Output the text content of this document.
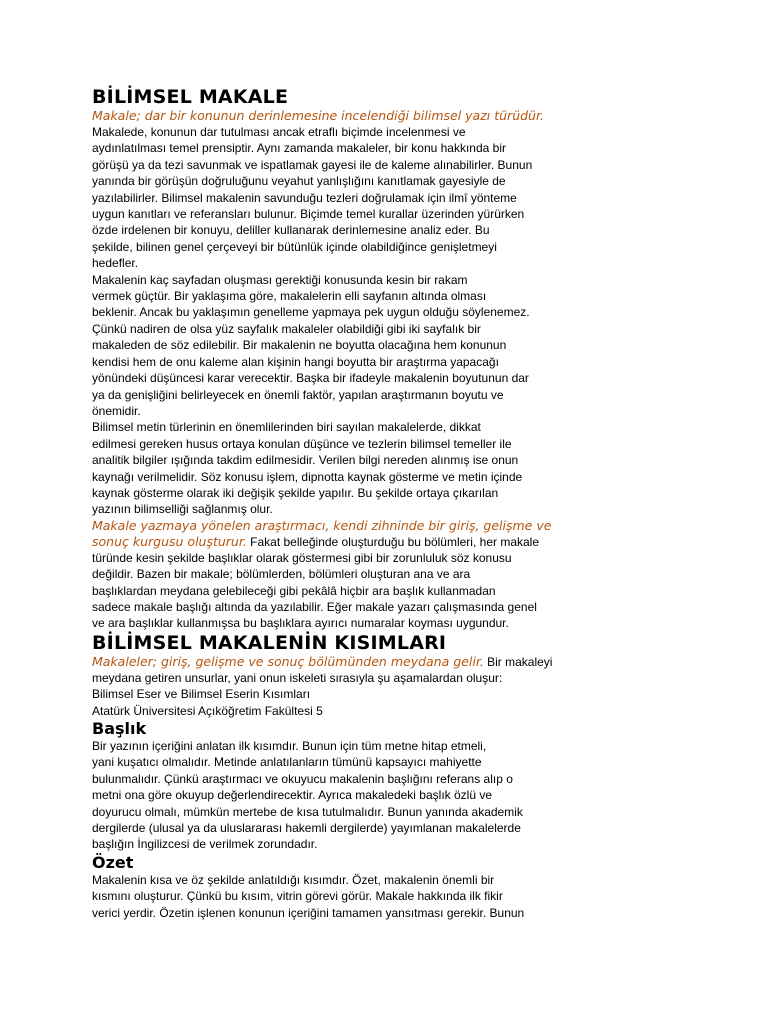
BİLİMSEL MAKALE

Makale; dar bir konunun derinlemesine incelendiği bilimsel yazı türüdür.

Makalede, konunun dar tutulması ancak etraflı biçimde incelenmesi ve

aydınlatılması temel prensiptir. Aynı zamanda makaleler, bir konu hakkında bir

görüşü ya da tezi savunmak ve ispatlamak gayesi ile de kaleme alınabilirler. Bunun

yanında bir görüşün doğruluğunu veyahut yanlışlığını kanıtlamak gayesiyle de

yazılabilirler. Bilimsel makalenin savunduğu tezleri doğrulamak için ilmî yönteme

uygun kanıtları ve referansları bulunur. Biçimde temel kurallar üzerinden yürürken

özde irdelenen bir konuyu, deliller kullanarak derinlemesine analiz eder. Bu

şekilde, bilinen genel çerçeveyi bir bütünlük içinde olabildiğince genişletmeyi

hedefler.

Makalenin kaç sayfadan oluşması gerektiği konusunda kesin bir rakam

vermek güçtür. Bir yaklaşıma göre, makalelerin elli sayfanın altında olması

beklenir. Ancak bu yaklaşımın genelleme yapmaya pek uygun olduğu söylenemez.

Çünkü nadiren de olsa yüz sayfalık makaleler olabildiği gibi iki sayfalık bir

makaleden de söz edilebilir. Bir makalenin ne boyutta olacağına hem konunun

kendisi hem de onu kaleme alan kişinin hangi boyutta bir araştırma yapacağı

yönündeki düşüncesi karar verecektir. Başka bir ifadeyle makalenin boyutunun dar

ya da genişliğini belirleyecek en önemli faktör, yapılan araştırmanın boyutu ve

önemidir.

Bilimsel metin türlerinin en önemlilerinden biri sayılan makalelerde, dikkat

edilmesi gereken husus ortaya konulan düşünce ve tezlerin bilimsel temeller ile

analitik bilgiler ışığında takdim edilmesidir. Verilen bilgi nereden alınmış ise onun

kaynağı verilmelidir. Söz konusu işlem, dipnotta kaynak gösterme ve metin içinde

kaynak gösterme olarak iki değişik şekilde yapılır. Bu şekilde ortaya çıkarılan

yazının bilimselliği sağlanmış olur.

Makale yazmaya yönelen araştırmacı, kendi zihninde bir giriş, gelişme ve

sonuç kurgusu oluşturur. Fakat belleğinde oluşturduğu bu bölümleri, her makale

türünde kesin şekilde başlıklar olarak göstermesi gibi bir zorunluluk söz konusu

değildir. Bazen bir makale; bölümlerden, bölümleri oluşturan ana ve ara

başlıklardan meydana gelebileceği gibi pekâlâ hiçbir ara başlık kullanmadan

sadece makale başlığı altında da yazılabilir. Eğer makale yazarı çalışmasında genel

ve ara başlıklar kullanmışsa bu başlıklara ayırıcı numaralar koyması uygundur.

BİLİMSEL MAKALENİN KISIMLARI

Makaleler; giriş, gelişme ve sonuç bölümünden meydana gelir. Bir makaleyi

meydana getiren unsurlar, yani onun iskeleti sırasıyla şu aşamalardan oluşur:

Bilimsel Eser ve Bilimsel Eserin Kısımları

Atatürk Üniversitesi Açıköğretim Fakültesi 5

Başlık

Bir yazının içeriğini anlatan ilk kısımdır. Bunun için tüm metne hitap etmeli,

yani kuşatıcı olmalıdır. Metinde anlatılanların tümünü kapsayıcı mahiyette

bulunmalıdır. Çünkü araştırmacı ve okuyucu makalenin başlığını referans alıp o

metni ona göre okuyup değerlendirecektir. Ayrıca makaledeki başlık özlü ve

doyurucu olmalı, mümkün mertebe de kısa tutulmalıdır. Bunun yanında akademik

dergilerde (ulusal ya da uluslararası hakemli dergilerde) yayımlanan makalelerde

başlığın İngilizcesi de verilmek zorundadır.

Özet

Makalenin kısa ve öz şekilde anlatıldığı kısımdır. Özet, makalenin önemli bir

kısmını oluşturur. Çünkü bu kısım, vitrin görevi görür. Makale hakkında ilk fikir

verici yerdir. Özetin işlenen konunun içeriğini tamamen yansıtması gerekir. Bunun
